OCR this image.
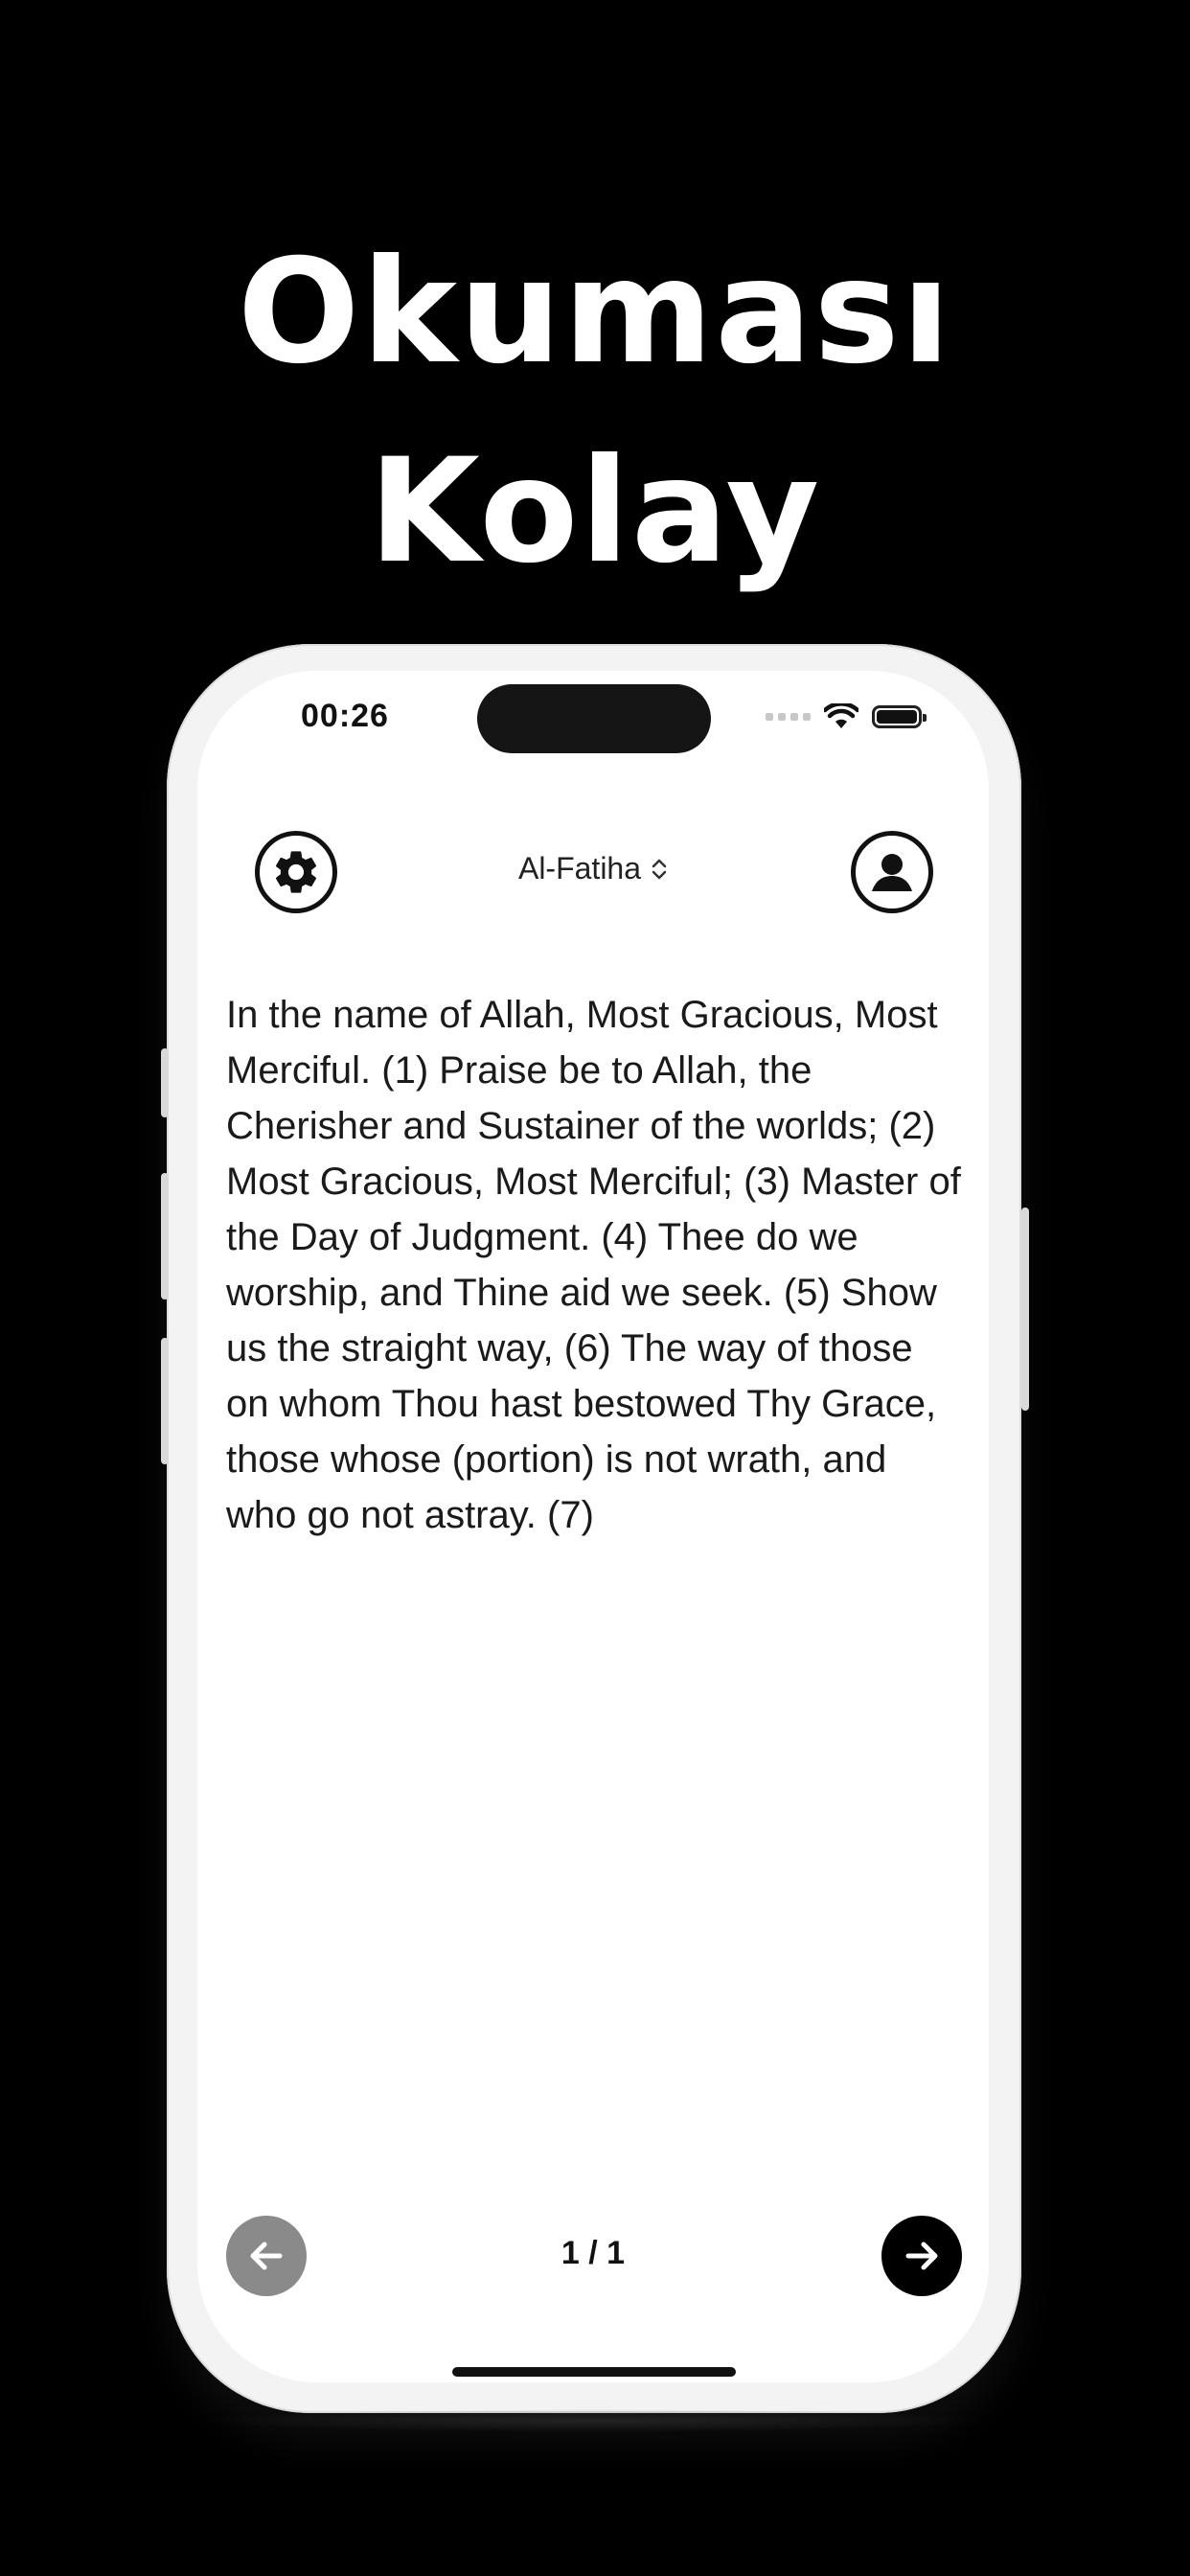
Okuması
Kolay
00:26
Al-Fatiha
In the name of Allah, Most Gracious, Most Merciful. (1) Praise be to Allah, the Cherisher and Sustainer of the worlds; (2) Most Gracious, Most Merciful; (3) Master of the Day of Judgment. (4) Thee do we worship, and Thine aid we seek. (5) Show us the straight way, (6) The way of those on whom Thou hast bestowed Thy Grace, those whose (portion) is not wrath, and who go not astray. (7)
1 / 1
